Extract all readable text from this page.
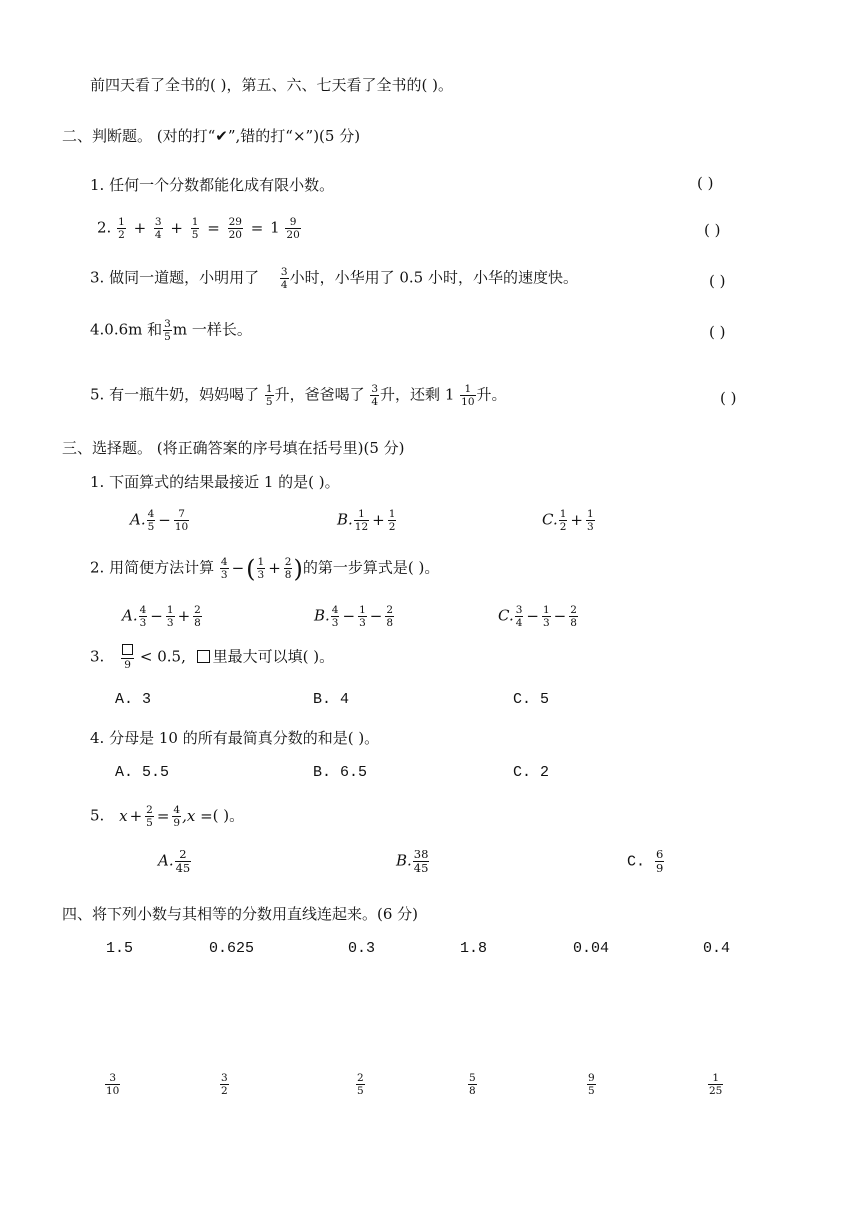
前四天看了全书的( )，第五、六、七天看了全书的( )。
二、判断题。 (对的打“✔”,错的打“×”)(5 分)
1. 任何一个分数都能化成有限小数。	( )
2. $\frac{1}{2} + \frac{3}{4} + \frac{1}{5} = \frac{29}{20} = 1 \frac{9}{20}$	( )
3. 做同一道题，小明用了 $\frac{3}{4}$ 小时，小华用了 0.5 小时，小华的速度快。	( )
4.0.6m 和 $\frac{3}{5}$ m 一样长。	( )
5. 有一瓶牛奶，妈妈喝了 $\frac{1}{5}$ 升，爸爸喝了 $\frac{3}{4}$ 升，还剩 $1 \frac{1}{10}$ 升。	( )
三、选择题。 (将正确答案的序号填在括号里)(5 分)
1. 下面算式的结果最接近 1 的是( )。
A. $\frac{4}{5} - \frac{7}{10}$	B. $\frac{1}{12} + \frac{1}{2}$	C. $\frac{1}{2} + \frac{1}{3}$
2. 用简便方法计算 $\frac{4}{3}$ −( $\frac{1}{3} + \frac{2}{8}$ )的第一步算式是( )。
A. $\frac{4}{3} - \frac{1}{3} + \frac{2}{8}$	B. $\frac{4}{3} - \frac{1}{3} - \frac{2}{8}$	C. $\frac{3}{4} - \frac{1}{3} - \frac{2}{8}$
3.	9 < 0.5, 里最大可以填( )。
A. 3	B. 4	C. 5
4. 分母是 10 的所有最简真分数的和是( )。
A. 5.5	B. 6.5	C. 2
5. $x + \frac{2}{5} = \frac{4}{9} ,x$ =( )。
A. $\frac{2}{45}$	B. $\frac{38}{45}$	C. $\frac{6}{9}$
四、将下列小数与其相等的分数用直线连起来。(6 分)
1.5	0.625	0.3	1.8	0.04	0.4
$\frac{3}{10}$	$\frac{3}{2}$	$\frac{2}{5}$	$\frac{5}{8}$	$\frac{9}{5}$	$\frac{1}{25}$
